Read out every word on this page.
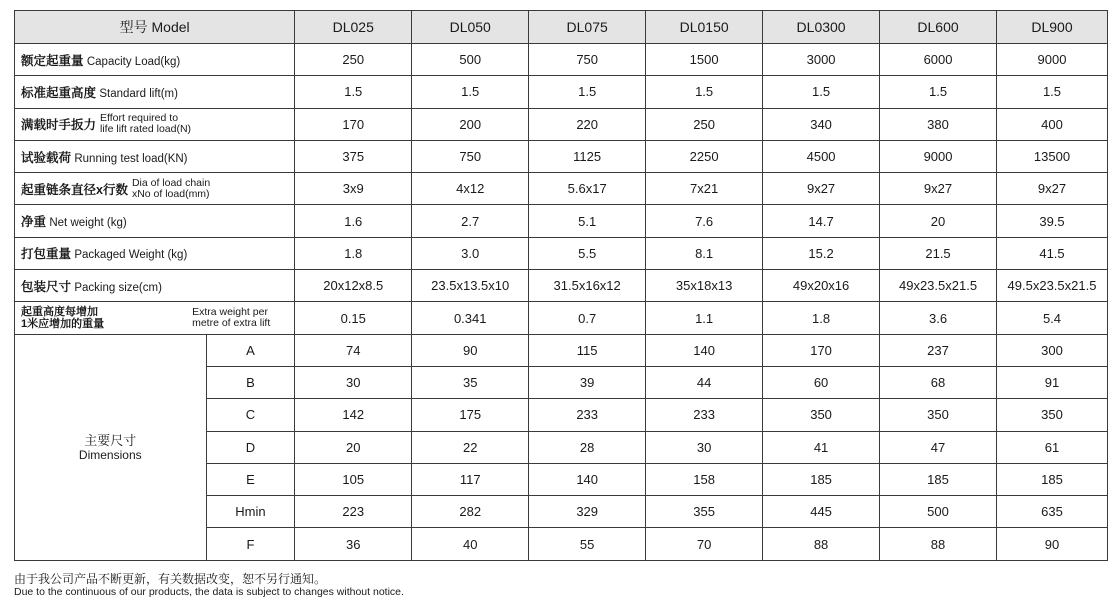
型号 Model		DL025	DL050	DL075	DL0150	DL0300	DL600	DL900
额定起重量 Capacity Load(kg)		250	500	750	1500	3000	6000	9000
标准起重高度 Standard lift(m)		1.5	1.5	1.5	1.5	1.5	1.5	1.5

满载时手扳力 Effort required to
life lift rated load(N)		170	200	220	250	340	380	400
试验载荷 Running test load(KN)		375	750	1125	2250	4500	9000	13500

起重链条直径x行数 Dia of load chain
xNo of load(mm)		3x9	4x12	5.6x17	7x21	9x27	9x27	9x27
净重 Net weight (kg)		1.6	2.7	5.1	7.6	14.7	20	39.5
打包重量 Packaged Weight (kg)		1.8	3.0	5.5	8.1	15.2	21.5	41.5
包装尺寸 Packing size(cm)		20x12x8.5	23.5x13.5x10	31.5x16x12	35x18x13	49x20x16	49x23.5x21.5	49.5x23.5x21.5

起重高度每增加
1米应增加的重量
Extra weight per
metre of extra lift		0.15	0.341	0.7	1.1	1.8	3.6	5.4

主要尺寸
Dimensions	A	74	90	115	140	170	237	300
	B	30	35	39	44	60	68	91
	C	142	175	233	233	350	350	350
	D	20	22	28	30	41	47	61
	E	105	117	140	158	185	185	185
	Hmin	223	282	329	355	445	500	635
	F	36	40	55	70	88	88	90
由于我公司产品不断更新，有关数据改变，恕不另行通知。
Due to the continuous of our products, the data is subject to changes without notice.
